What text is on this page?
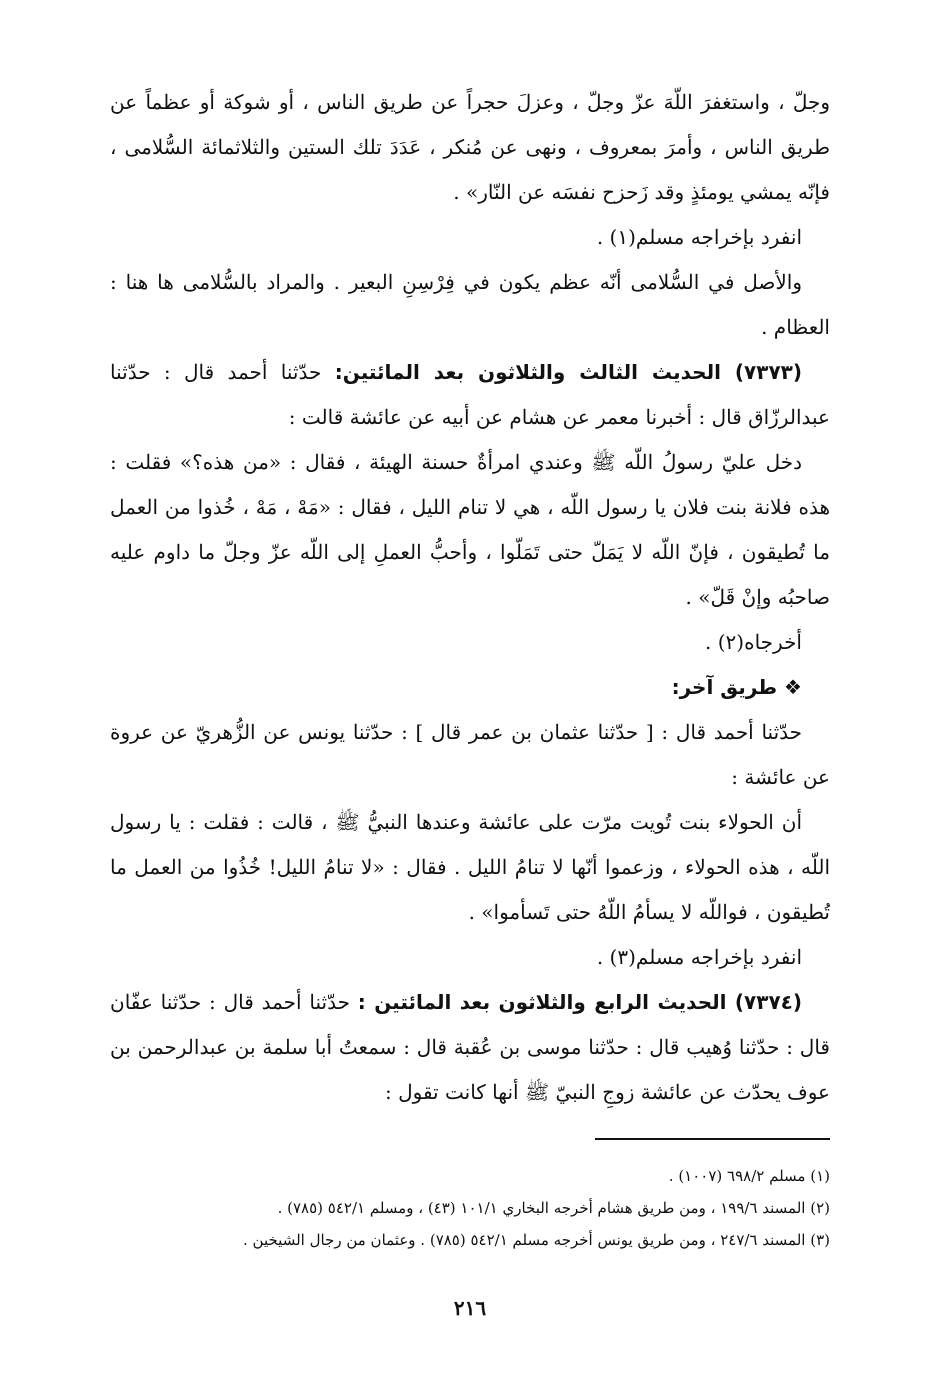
وجلّ ، واستغفرَ اللّهَ عزّ وجلّ ، وعزلَ حجراً عن طريق الناس ، أو شوكة أو عظماً عن طريق الناس ، وأمرَ بمعروف ، ونهى عن مُنكر ، عَدَدَ تلك الستين والثلاثمائة السُّلامى ، فإنّه يمشي يومئذٍ وقد زَحزح نفسَه عن النّار» .

انفرد بإخراجه مسلم(١) .

والأصل في السُّلامى أنّه عظم يكون في فِرْسِنِ البعير . والمراد بالسُّلامى ها هنا : العظام .

(٧٣٧٣) الحديث الثالث والثلاثون بعد المائتين: حدّثنا أحمد قال : حدّثنا عبدالرزّاق قال : أخبرنا معمر عن هشام عن أبيه عن عائشة قالت :

دخل عليّ رسولُ اللّه ﷺ وعندي امرأةٌ حسنة الهيئة ، فقال : «من هذه؟» فقلت : هذه فلانة بنت فلان يا رسول اللّه ، هي لا تنام الليل ، فقال : «مَهْ ، مَهْ ، خُذوا من العمل ما تُطيقون ، فإنّ اللّه لا يَمَلّ حتى تَمَلّوا ، وأحبُّ العملِ إلى اللّه عزّ وجلّ ما داوم عليه صاحبُه وإنْ قَلّ» .

أخرجاه(٢) .

❖ طريق آخر:

حدّثنا أحمد قال : [ حدّثنا عثمان بن عمر قال ] : حدّثنا يونس عن الزُّهريّ عن عروة عن عائشة :

أن الحولاء بنت تُويت مرّت على عائشة وعندها النبيُّ ﷺ ، قالت : فقلت : يا رسول اللّه ، هذه الحولاء ، وزعموا أنّها لا تنامُ الليل . فقال : «لا تنامُ الليل! خُذُوا من العمل ما تُطيقون ، فواللّه لا يسأمُ اللّهُ حتى تَسأموا» .

انفرد بإخراجه مسلم(٣) .

(٧٣٧٤) الحديث الرابع والثلاثون بعد المائتين : حدّثنا أحمد قال : حدّثنا عفّان قال : حدّثنا وُهيب قال : حدّثنا موسى بن عُقبة قال : سمعتُ أبا سلمة بن عبدالرحمن بن عوف يحدّث عن عائشة زوجِ النبيّ ﷺ أنها كانت تقول :

(١) مسلم ٦٩٨/٢ (١٠٠٧) .

(٢) المسند ١٩٩/٦ ، ومن طريق هشام أخرجه البخاري ١٠١/١ (٤٣) ، ومسلم ٥٤٢/١ (٧٨٥) .

(٣) المسند ٢٤٧/٦ ، ومن طريق يونس أخرجه مسلم ٥٤٢/١ (٧٨٥) . وعثمان من رجال الشيخين .

٢١٦
